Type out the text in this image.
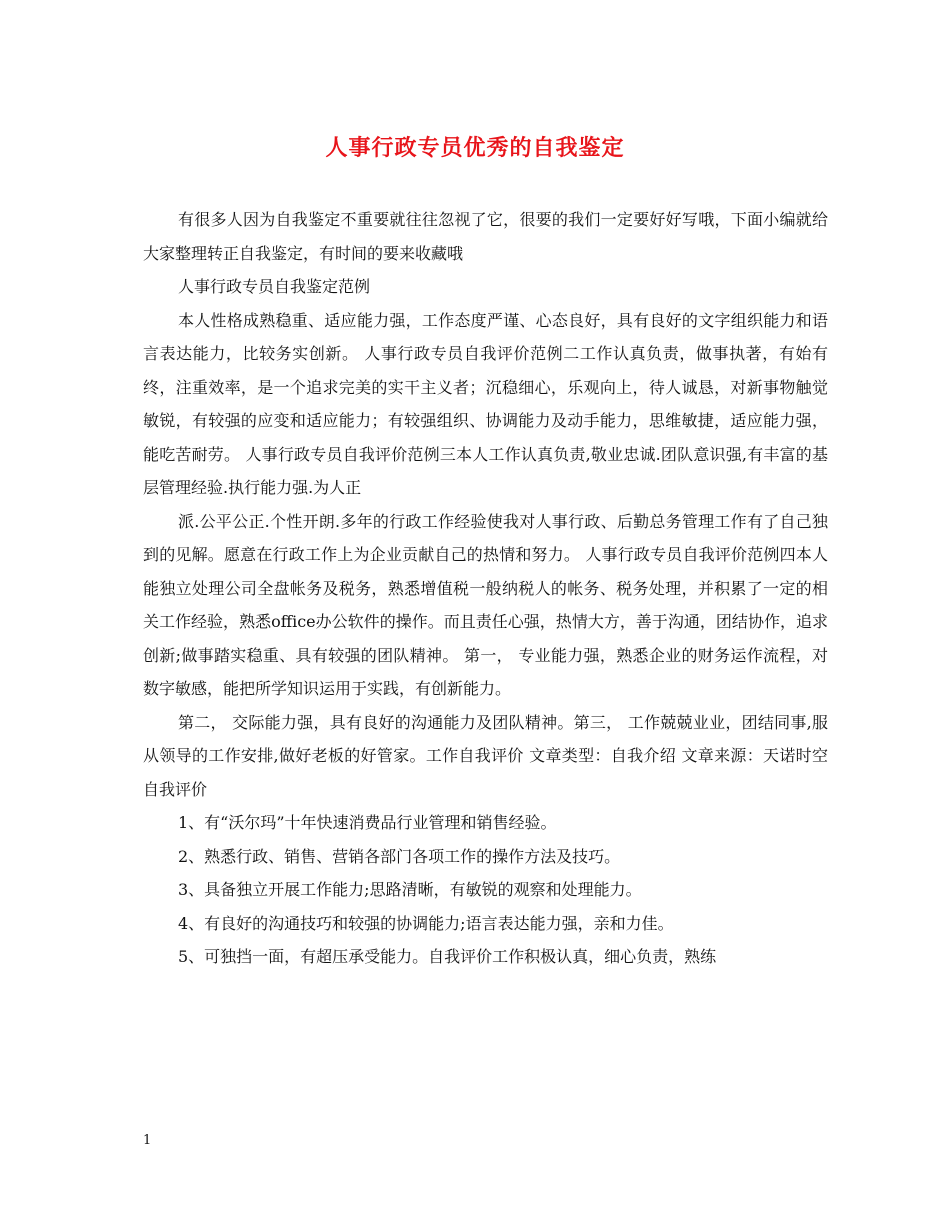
人事行政专员优秀的自我鉴定

有很多人因为自我鉴定不重要就往往忽视了它，很要的我们一定要好好写哦，下面小编就给大家整理转正自我鉴定，有时间的要来收藏哦

人事行政专员自我鉴定范例

本人性格成熟稳重、适应能力强，工作态度严谨、心态良好，具有良好的文字组织能力和语言表达能力，比较务实创新。 人事行政专员自我评价范例二工作认真负责，做事执著，有始有终，注重效率，是一个追求完美的实干主义者；沉稳细心，乐观向上，待人诚恳，对新事物触觉敏锐，有较强的应变和适应能力；有较强组织、协调能力及动手能力，思维敏捷，适应能力强，能吃苦耐劳。 人事行政专员自我评价范例三本人工作认真负责,敬业忠诚.团队意识强,有丰富的基层管理经验.执行能力强.为人正

派.公平公正.个性开朗.多年的行政工作经验使我对人事行政、后勤总务管理工作有了自己独到的见解。愿意在行政工作上为企业贡献自己的热情和努力。 人事行政专员自我评价范例四本人能独立处理公司全盘帐务及税务，熟悉增值税一般纳税人的帐务、税务处理，并积累了一定的相关工作经验，熟悉office办公软件的操作。而且责任心强，热情大方，善于沟通，团结协作，追求创新;做事踏实稳重、具有较强的团队精神。 第一， 专业能力强，熟悉企业的财务运作流程，对数字敏感，能把所学知识运用于实践，有创新能力。

第二， 交际能力强，具有良好的沟通能力及团队精神。第三， 工作兢兢业业，团结同事,服从领导的工作安排,做好老板的好管家。工作自我评价 文章类型：自我介绍 文章来源：天诺时空 自我评价

1、有“沃尔玛”十年快速消费品行业管理和销售经验。

2、熟悉行政、销售、营销各部门各项工作的操作方法及技巧。

3、具备独立开展工作能力;思路清晰，有敏锐的观察和处理能力。

4、有良好的沟通技巧和较强的协调能力;语言表达能力强，亲和力佳。

5、可独挡一面，有超压承受能力。自我评价工作积极认真，细心负责，熟练

1
